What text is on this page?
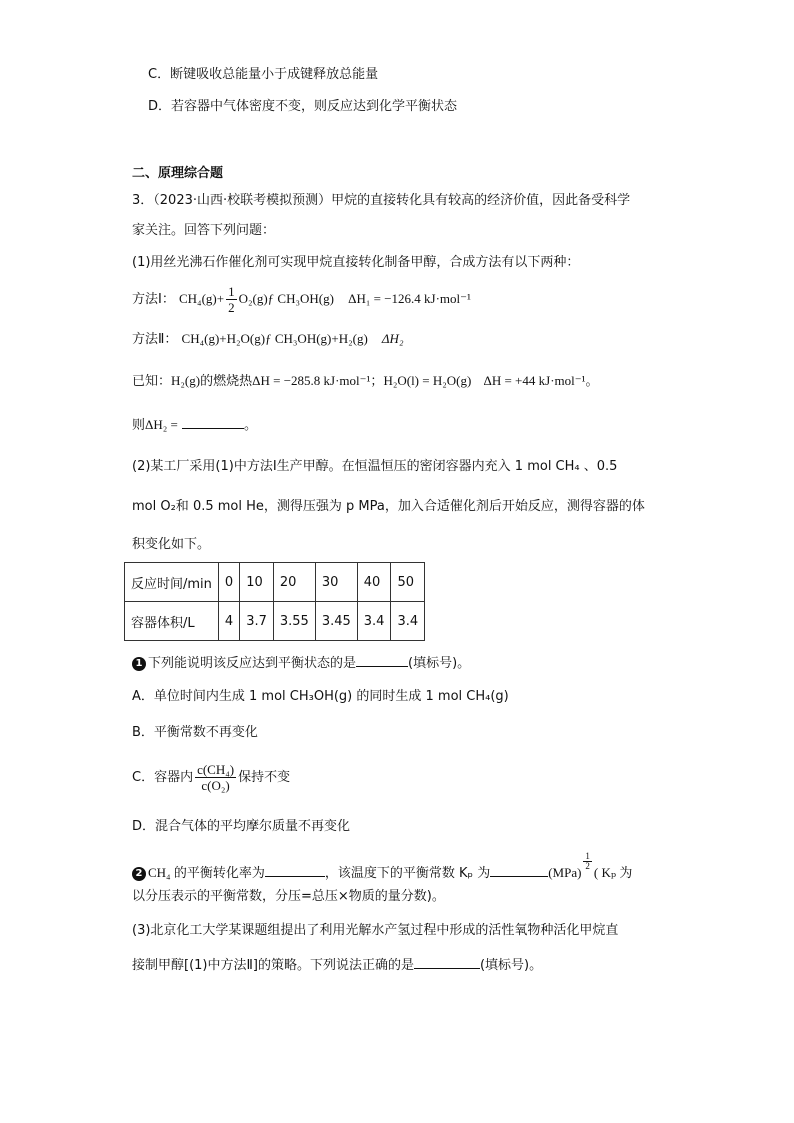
C．断键吸收总能量小于成键释放总能量
D．若容器中气体密度不变，则反应达到化学平衡状态
二、原理综合题
3．（2023·山西·校联考模拟预测）甲烷的直接转化具有较高的经济价值，因此备受科学
家关注。回答下列问题：
(1)用丝光沸石作催化剂可实现甲烷直接转化制备甲醇，合成方法有以下两种：
方法Ⅰ： $CH_4(g)+ \frac{1}{2}$ O₂(g)ƒ CH₃OH(g) ΔH₁ = −126.4 kJ·mol⁻¹
方法Ⅱ： CH₄(g)+H₂O(g)ƒ CH₃OH(g)+H₂(g) ΔH₂
已知：H₂(g)的燃烧热ΔH = −285.8 kJ·mol⁻¹；H₂O(l) = H₂O(g) ΔH = +44 kJ·mol⁻¹。
则ΔH₂ =	。
(2)某工厂采用(1)中方法Ⅰ生产甲醇。在恒温恒压的密闭容器内充入 1 mol CH₄ 、0.5
mol O₂和 0.5 mol He，测得压强为 p MPa，加入合适催化剂后开始反应，测得容器的体
积变化如下。
反应时间/min	0	10	20	30	40	50
容器体积/L	4	3.7	3.55	3.45	3.4	3.4
1 下列能说明该反应达到平衡状态的是	(填标号)。
A．单位时间内生成 1 mol CH₃OH(g) 的同时生成 1 mol CH₄(g)
B．平衡常数不再变化
C．容器内 $\frac{\text{c(CH₄)}}{\text{c(O₂)}}$ 保持不变
D．混合气体的平均摩尔质量不再变化
2 CH₄ 的平衡转化率为	，该温度下的平衡常数 Kₚ 为	(MPa)
$\frac{1}{2}$
( Kₚ 为
以分压表示的平衡常数，分压=总压×物质的量分数)。
(3)北京化工大学某课题组提出了利用光解水产氢过程中形成的活性氧物种活化甲烷直
接制甲醇[(1)中方法Ⅱ]的策略。下列说法正确的是	(填标号)。
